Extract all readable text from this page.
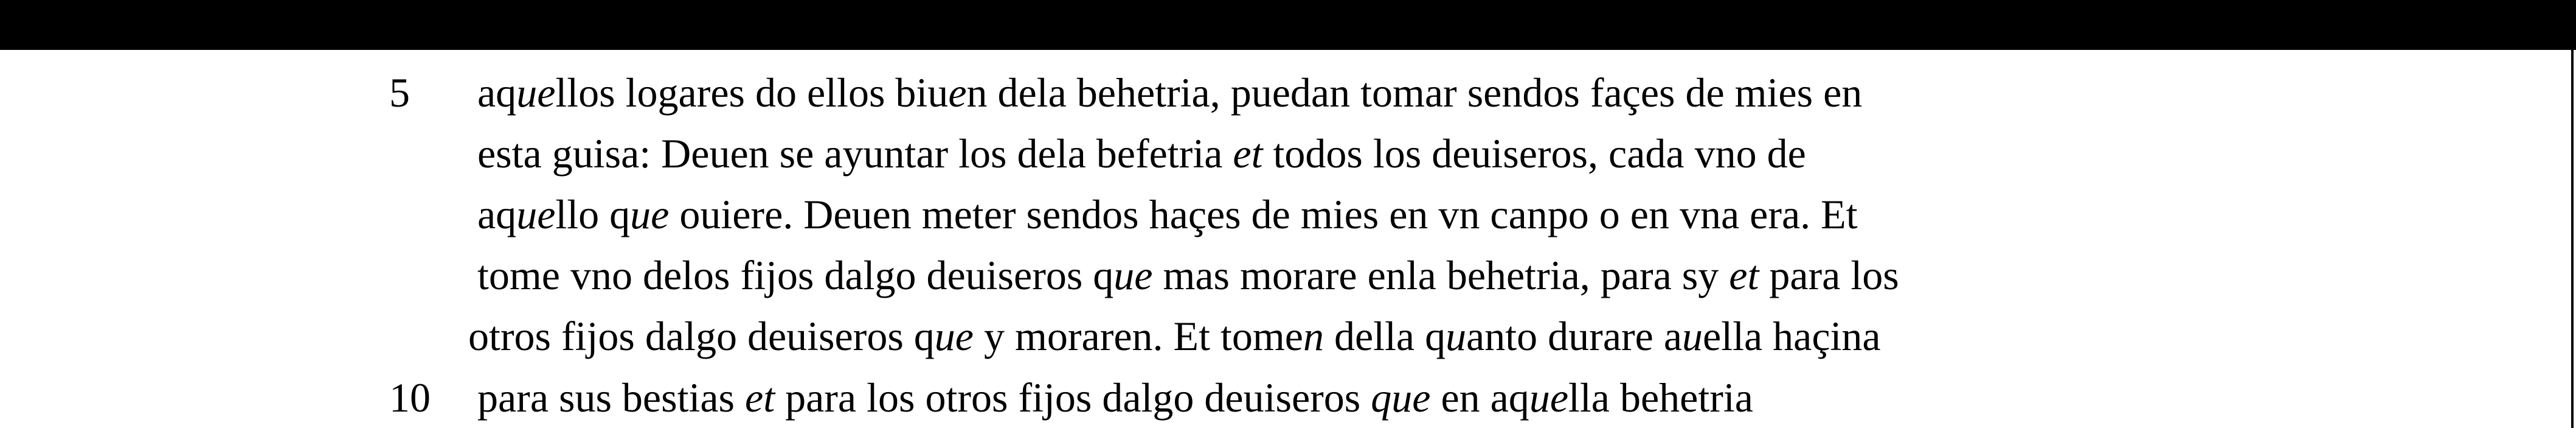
5
10
aquellos logares do ellos biuen dela behetria, puedan tomar sendos façes de mies en
esta guisa: Deuen se ayuntar los dela befetria et todos los deuiseros, cada vno de
aquello que ouiere. Deuen meter sendos haçes de mies en vn canpo o en vna era. Et
tome vno delos fijos dalgo deuiseros que mas morare enla behetria, para sy et para los
otros fijos dalgo deuiseros que y moraren. Et tomen della quanto durare auella haçina
para sus bestias et para los otros fijos dalgo deuiseros que en aquella behetria
